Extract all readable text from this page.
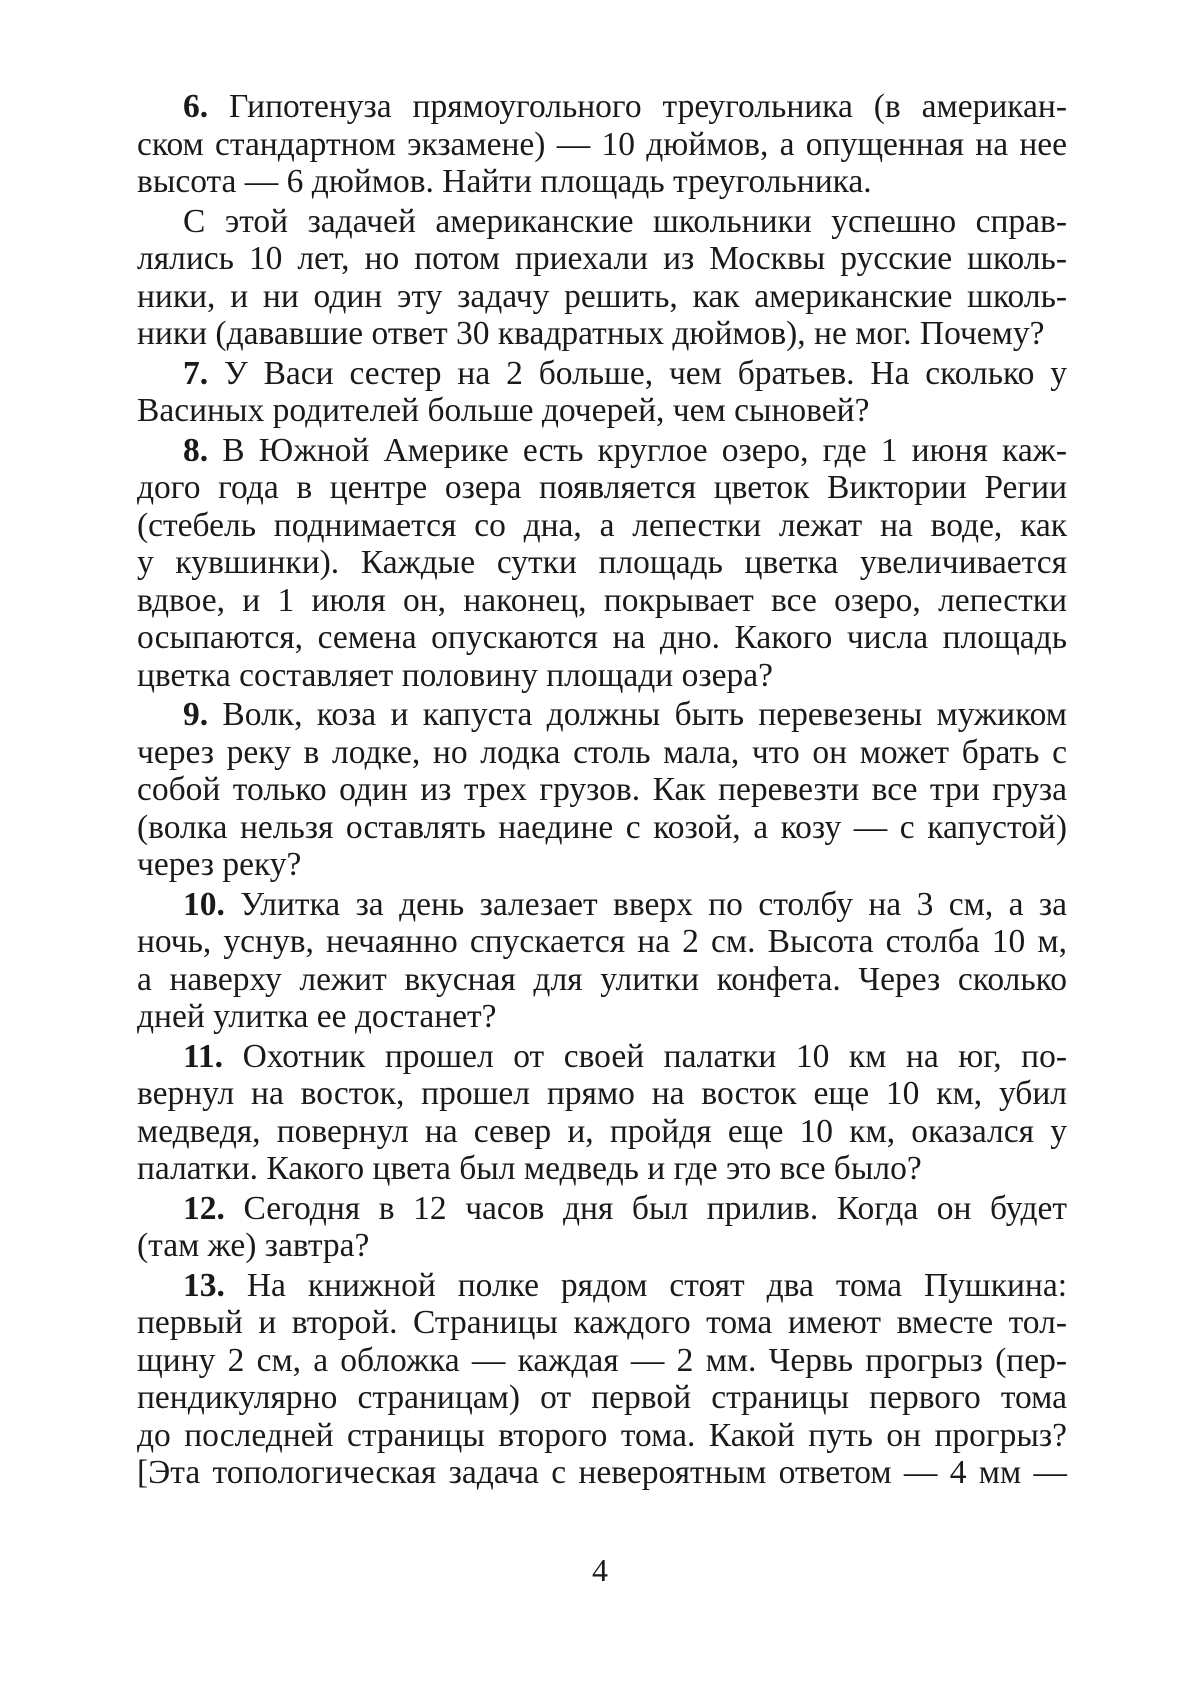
6. Гипотенуза прямоугольного треугольника (в американ-
ском стандартном экзамене) — 10 дюймов, а опущенная на нее
высота — 6 дюймов. Найти площадь треугольника.
С этой задачей американские школьники успешно справ-
лялись 10 лет, но потом приехали из Москвы русские школь-
ники, и ни один эту задачу решить, как американские школь-
ники (дававшие ответ 30 квадратных дюймов), не мог. Почему?
7. У Васи сестер на 2 больше, чем братьев. На сколько у
Васиных родителей больше дочерей, чем сыновей?
8. В Южной Америке есть круглое озеро, где 1 июня каж-
дого года в центре озера появляется цветок Виктории Регии
(стебель поднимается со дна, а лепестки лежат на воде, как
у кувшинки). Каждые сутки площадь цветка увеличивается
вдвое, и 1 июля он, наконец, покрывает все озеро, лепестки
осыпаются, семена опускаются на дно. Какого числа площадь
цветка составляет половину площади озера?
9. Волк, коза и капуста должны быть перевезены мужиком
через реку в лодке, но лодка столь мала, что он может брать с
собой только один из трех грузов. Как перевезти все три груза
(волка нельзя оставлять наедине с козой, а козу — с капустой)
через реку?
10. Улитка за день залезает вверх по столбу на 3 см, а за
ночь, уснув, нечаянно спускается на 2 см. Высота столба 10 м,
а наверху лежит вкусная для улитки конфета. Через сколько
дней улитка ее достанет?
11. Охотник прошел от своей палатки 10 км на юг, по-
вернул на восток, прошел прямо на восток еще 10 км, убил
медведя, повернул на север и, пройдя еще 10 км, оказался у
палатки. Какого цвета был медведь и где это все было?
12. Сегодня в 12 часов дня был прилив. Когда он будет
(там же) завтра?
13. На книжной полке рядом стоят два тома Пушкина:
первый и второй. Страницы каждого тома имеют вместе тол-
щину 2 см, а обложка — каждая — 2 мм. Червь прогрыз (пер-
пендикулярно страницам) от первой страницы первого тома
до последней страницы второго тома. Какой путь он прогрыз?
[Эта топологическая задача с невероятным ответом — 4 мм —
4
